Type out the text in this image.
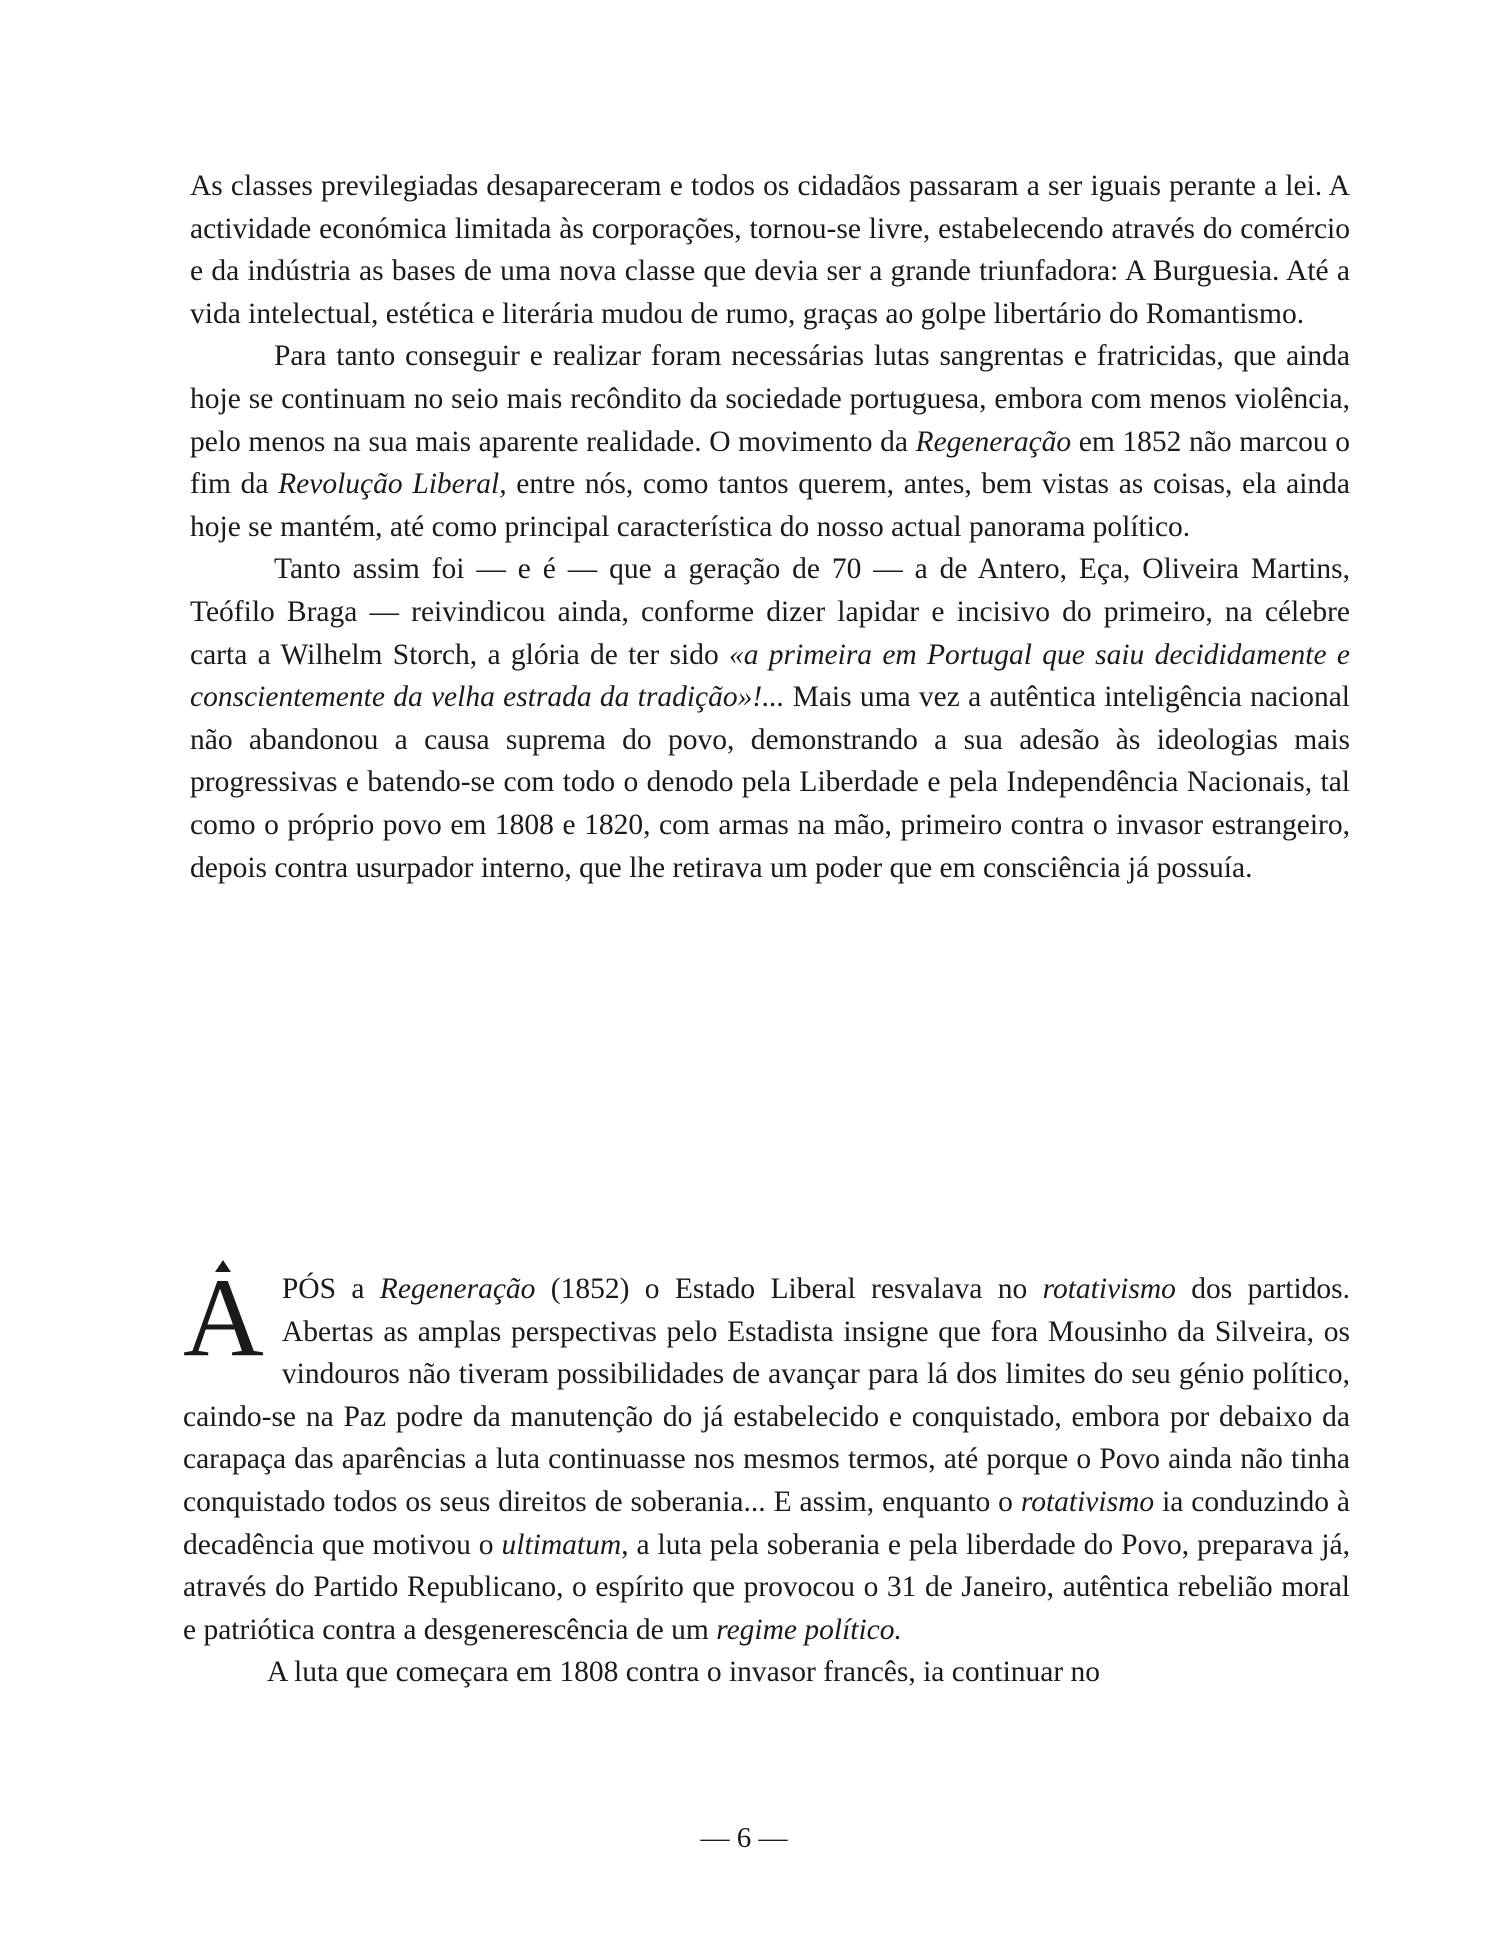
As classes previlegiadas desapareceram e todos os cidadãos passaram a ser iguais perante a lei. A actividade económica limitada às corporações, tornou-se livre, estabelecendo através do comércio e da indústria as bases de uma nova classe que devia ser a grande triunfadora: A Burguesia. Até a vida intelectual, estética e literária mudou de rumo, graças ao golpe libertário do Romantismo.

Para tanto conseguir e realizar foram necessárias lutas sangrentas e fratricidas, que ainda hoje se continuam no seio mais recôndito da sociedade portuguesa, embora com menos violência, pelo menos na sua mais aparente realidade. O movimento da Regeneração em 1852 não marcou o fim da Revolução Liberal, entre nós, como tantos querem, antes, bem vistas as coisas, ela ainda hoje se mantém, até como principal característica do nosso actual panorama político.

Tanto assim foi — e é — que a geração de 70 — a de Antero, Eça, Oliveira Martins, Teófilo Braga — reivindicou ainda, conforme dizer lapidar e incisivo do primeiro, na célebre carta a Wilhelm Storch, a glória de ter sido «a primeira em Portugal que saiu decididamente e conscientemente da velha estrada da tradição»!... Mais uma vez a autêntica inteligência nacional não abandonou a causa suprema do povo, demonstrando a sua adesão às ideologias mais progressivas e batendo-se com todo o denodo pela Liberdade e pela Independência Nacionais, tal como o próprio povo em 1808 e 1820, com armas na mão, primeiro contra o invasor estrangeiro, depois contra usurpador interno, que lhe retirava um poder que em consciência já possuía.

APÓS a Regeneração (1852) o Estado Liberal resvalava no rotativismo dos partidos. Abertas as amplas perspectivas pelo Estadista insigne que fora Mousinho da Silveira, os vindouros não tiveram possibilidades de avançar para lá dos limites do seu génio político, caindo-se na Paz podre da manutenção do já estabelecido e conquistado, embora por debaixo da carapaça das aparências a luta continuasse nos mesmos termos, até porque o Povo ainda não tinha conquistado todos os seus direitos de soberania... E assim, enquanto o rotativismo ia conduzindo à decadência que motivou o ultimatum, a luta pela soberania e pela liberdade do Povo, preparava já, através do Partido Republicano, o espírito que provocou o 31 de Janeiro, autêntica rebelião moral e patriótica contra a desgenerescência de um regime político.

A luta que começara em 1808 contra o invasor francês, ia continuar no

— 6 —
